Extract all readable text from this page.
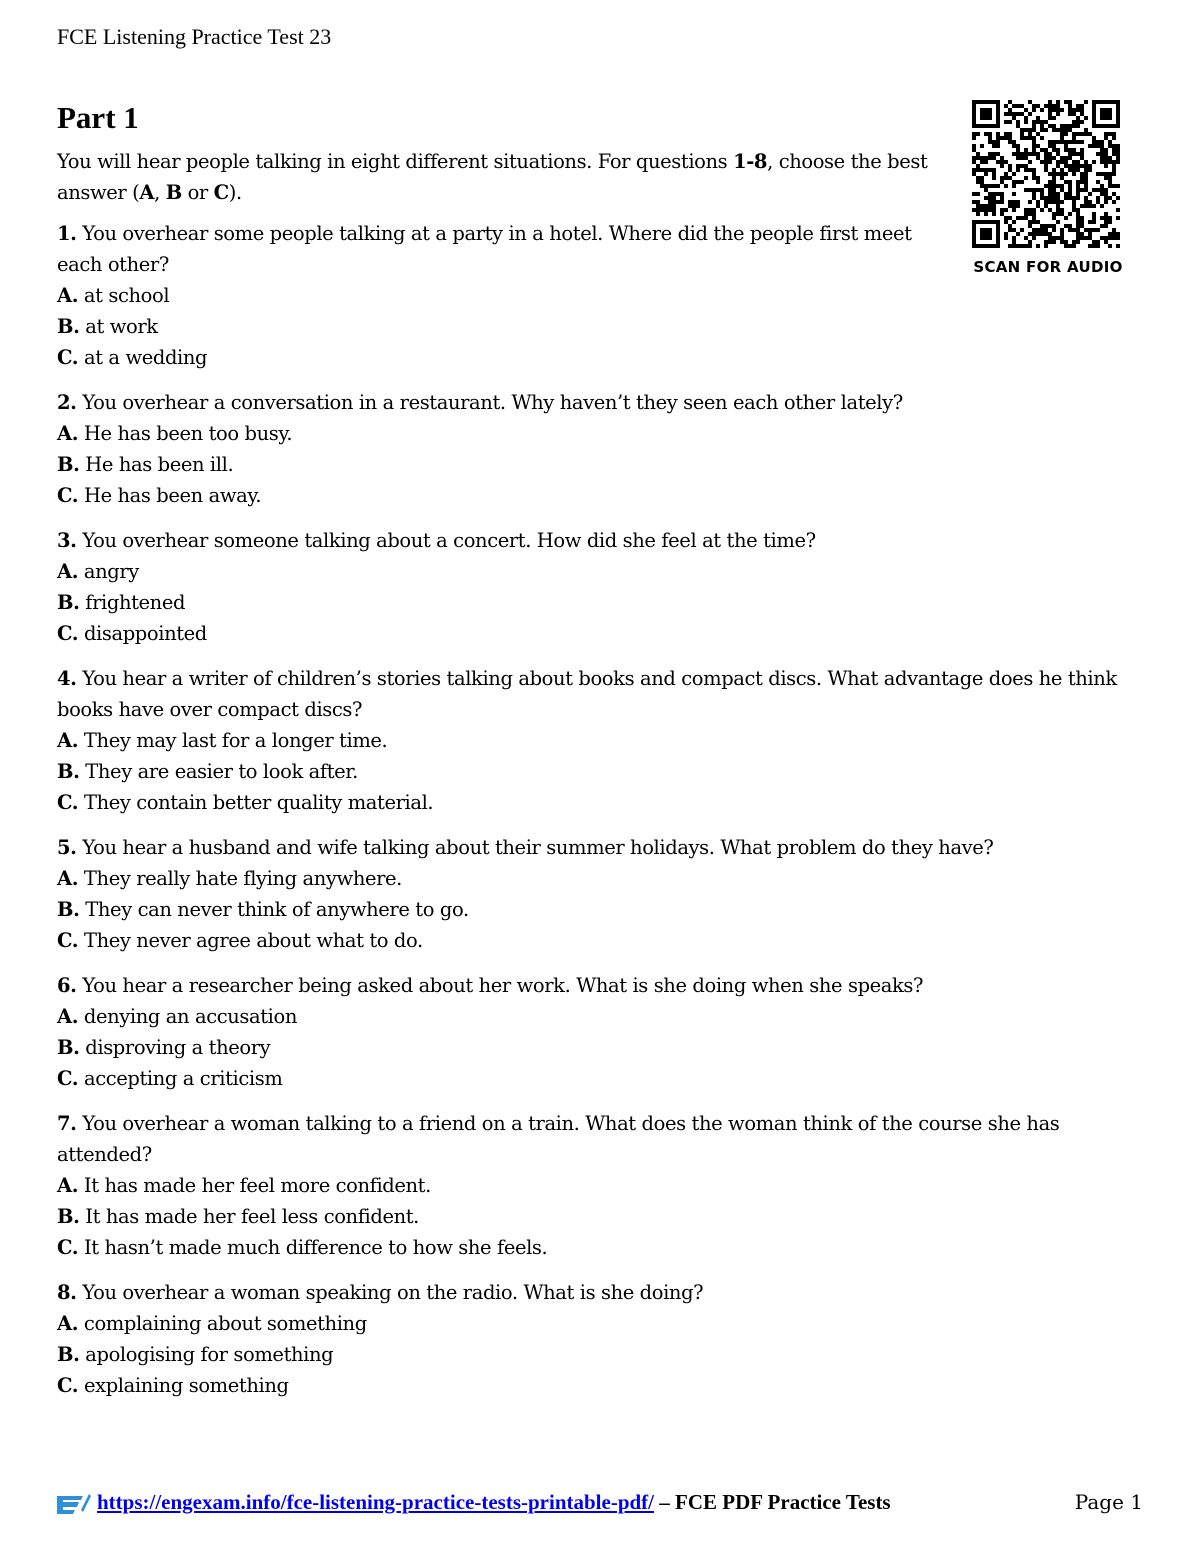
FCE Listening Practice Test 23
Part 1
SCAN FOR AUDIO

You will hear people talking in eight different situations. For questions 1-8, choose the best answer (A, B or C).

1. You overhear some people talking at a party in a hotel. Where did the people first meet each other?

A. at school

B. at work

C. at a wedding

2. You overhear a conversation in a restaurant. Why haven’t they seen each other lately?

A. He has been too busy.

B. He has been ill.

C. He has been away.

3. You overhear someone talking about a concert. How did she feel at the time?

A. angry

B. frightened

C. disappointed

4. You hear a writer of children’s stories talking about books and compact discs. What advantage does he think books have over compact discs?

A. They may last for a longer time.

B. They are easier to look after.

C. They contain better quality material.

5. You hear a husband and wife talking about their summer holidays. What problem do they have?

A. They really hate flying anywhere.

B. They can never think of anywhere to go.

C. They never agree about what to do.

6. You hear a researcher being asked about her work. What is she doing when she speaks?

A. denying an accusation

B. disproving a theory

C. accepting a criticism

7. You overhear a woman talking to a friend on a train. What does the woman think of the course she has attended?

A. It has made her feel more confident.

B. It has made her feel less confident.

C. It hasn’t made much difference to how she feels.

8. You overhear a woman speaking on the radio. What is she doing?

A. complaining about something

B. apologising for something

C. explaining something

https://engexam.info/fce-listening-practice-tests-printable-pdf/ – FCE PDF Practice Tests	Page 1
